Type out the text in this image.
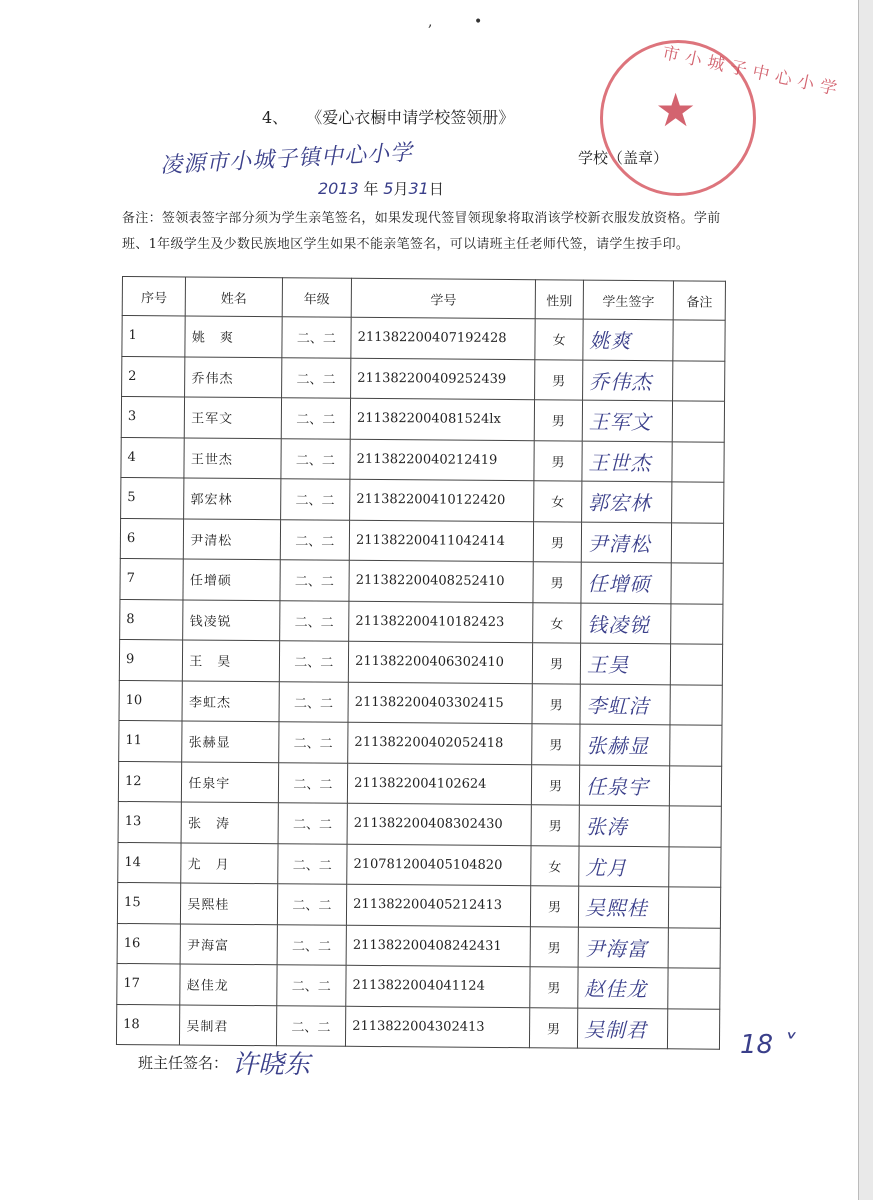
,	•
市小城子中心小学
★
4、 《爱心衣橱申请学校签领册》
凌源市小城子镇中心小学	学校（盖章）
2013 年 5月31日
备注：签领表签字部分须为学生亲笔签名，如果发现代签冒领现象将取消该学校新衣服发放资格。学前班、1年级学生及少数民族地区学生如果不能亲笔签名，可以请班主任老师代签，请学生按手印。
序号	姓名	年级	学号	性别	学生签字	备注
1	姚　爽	二、二	211382200407192428	女	姚爽	
2	乔伟杰	二、二	211382200409252439	男	乔伟杰	
3	王军文	二、二	2113822004081524lx	男	王军文	
4	王世杰	二、二	21138220040212419	男	王世杰	
5	郭宏林	二、二	211382200410122420	女	郭宏林	
6	尹清松	二、二	211382200411042414	男	尹清松	
7	任增硕	二、二	211382200408252410	男	任增硕	
8	钱凌锐	二、二	211382200410182423	女	钱凌锐	
9	王　昊	二、二	211382200406302410	男	王昊	
10	李虹杰	二、二	211382200403302415	男	李虹洁	
11	张赫显	二、二	211382200402052418	男	张赫显	
12	任泉宇	二、二	2113822004102624	男	任泉宇	
13	张　涛	二、二	211382200408302430	男	张涛	
14	尤　月	二、二	210781200405104820	女	尤月	
15	吴熙桂	二、二	211382200405212413	男	吴熙桂	
16	尹海富	二、二	211382200408242431	男	尹海富	
17	赵佳龙	二、二	2113822004041124	男	赵佳龙	
18	吴制君	二、二	2113822004302413	男	吴制君	
班主任签名： 许晓东
18 ˅
